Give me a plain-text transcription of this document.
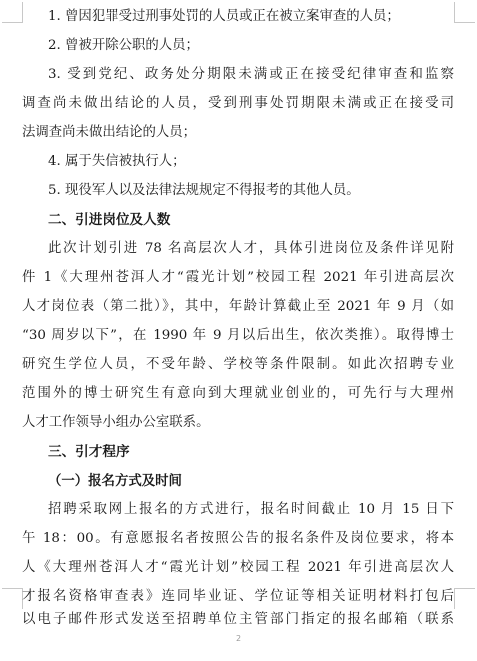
1. 曾因犯罪受过刑事处罚的人员或正在被立案审查的人员；
2. 曾被开除公职的人员；
3. 受到党纪、政务处分期限未满或正在接受纪律审查和监察
调查尚未做出结论的人员，受到刑事处罚期限未满或正在接受司
法调查尚未做出结论的人员；
4. 属于失信被执行人；
5. 现役军人以及法律法规规定不得报考的其他人员。
二、引进岗位及人数
此次计划引进 78 名高层次人才，具体引进岗位及条件详见附
件 1《大理州苍洱人才“霞光计划”校园工程 2021 年引进高层次
人才岗位表（第二批）》，其中，年龄计算截止至 2021 年 9 月（如
“30 周岁以下”，在 1990 年 9 月以后出生，依次类推）。取得博士
研究生学位人员，不受年龄、学校等条件限制。如此次招聘专业
范围外的博士研究生有意向到大理就业创业的，可先行与大理州
人才工作领导小组办公室联系。
三、引才程序
（一）报名方式及时间
招聘采取网上报名的方式进行，报名时间截止 10 月 15 日下
午 18：00。有意愿报名者按照公告的报名条件及岗位要求，将本
人《大理州苍洱人才“霞光计划”校园工程 2021 年引进高层次人
才报名资格审查表》连同毕业证、学位证等相关证明材料打包后
以电子邮件形式发送至招聘单位主管部门指定的报名邮箱（联系
2
